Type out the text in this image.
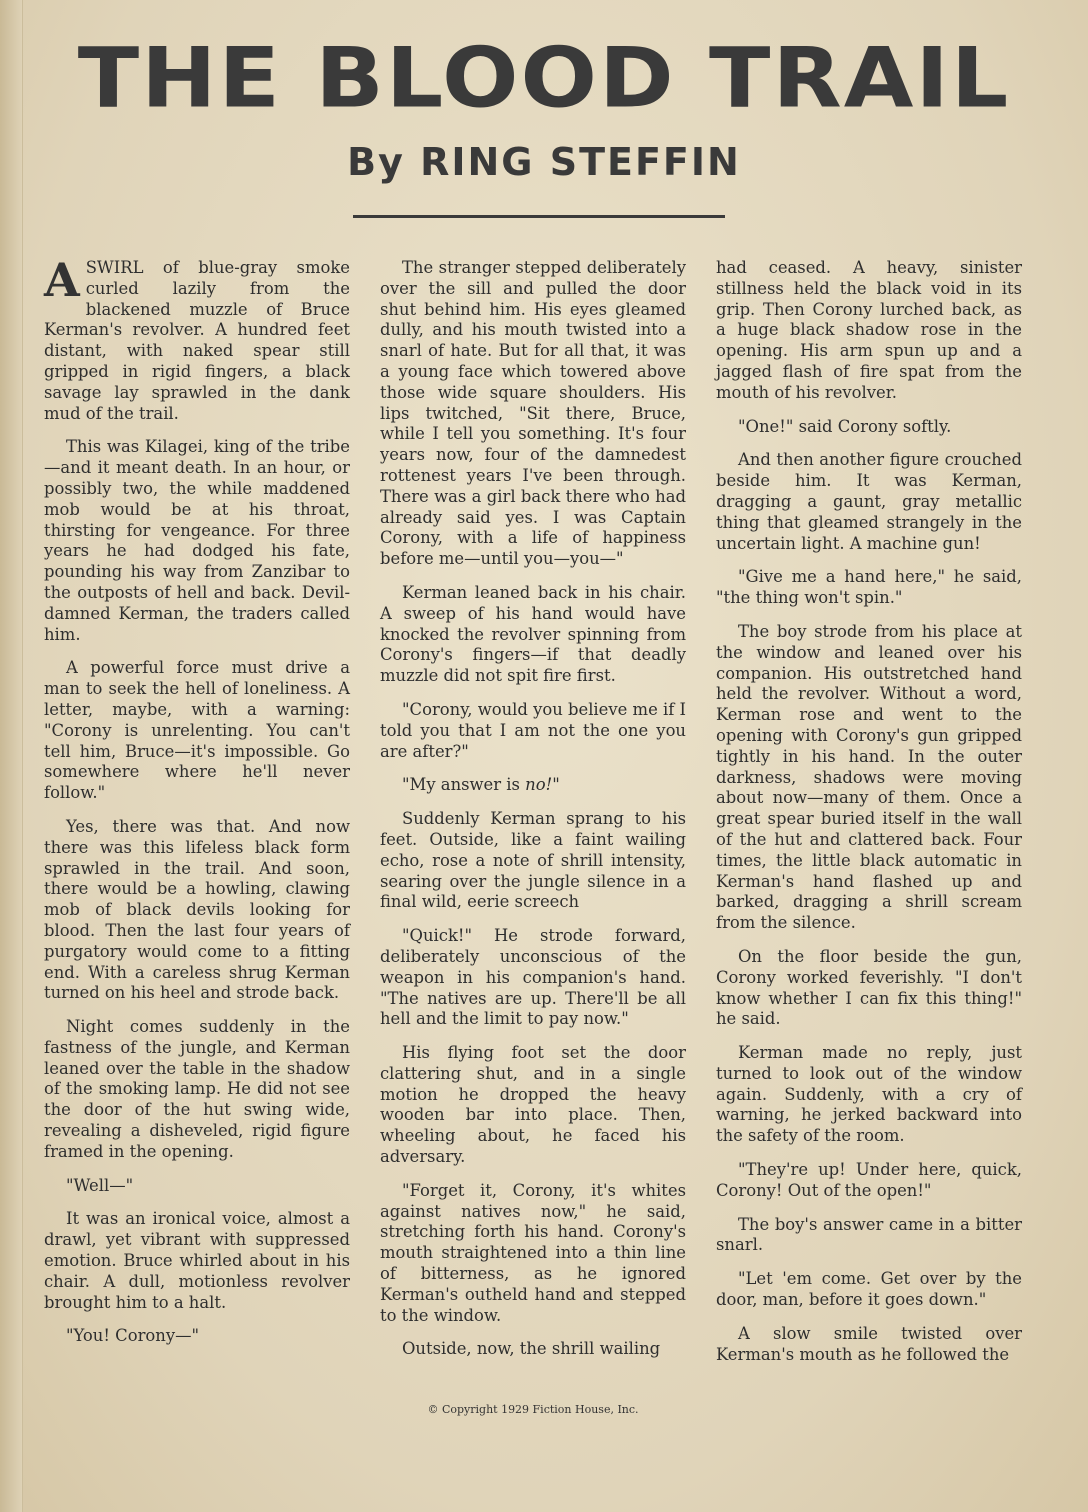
THE BLOOD TRAIL
By RING STEFFIN

ASWIRL of blue-gray smoke curled lazily from the blackened muzzle of Bruce Kerman's revolver. A hundred feet distant, with naked spear still gripped in rigid fingers, a black savage lay sprawled in the dank mud of the trail.

This was Kilagei, king of the tribe—and it meant death. In an hour, or possibly two, the while maddened mob would be at his throat, thirsting for vengeance. For three years he had dodged his fate, pounding his way from Zanzibar to the outposts of hell and back. Devil-damned Kerman, the traders called him.

A powerful force must drive a man to seek the hell of loneliness. A letter, maybe, with a warning: "Corony is unrelenting. You can't tell him, Bruce—it's impossible. Go somewhere where he'll never follow."

Yes, there was that. And now there was this lifeless black form sprawled in the trail. And soon, there would be a howling, clawing mob of black devils looking for blood. Then the last four years of purgatory would come to a fitting end. With a careless shrug Kerman turned on his heel and strode back.

Night comes suddenly in the fastness of the jungle, and Kerman leaned over the table in the shadow of the smoking lamp. He did not see the door of the hut swing wide, revealing a disheveled, rigid figure framed in the opening.

"Well—"

It was an ironical voice, almost a drawl, yet vibrant with suppressed emotion. Bruce whirled about in his chair. A dull, motionless revolver brought him to a halt.

"You! Corony—"

The stranger stepped deliberately over the sill and pulled the door shut behind him. His eyes gleamed dully, and his mouth twisted into a snarl of hate. But for all that, it was a young face which towered above those wide square shoulders. His lips twitched, "Sit there, Bruce, while I tell you something. It's four years now, four of the damnedest rottenest years I've been through. There was a girl back there who had already said yes. I was Captain Corony, with a life of happiness before me—until you—you—"

Kerman leaned back in his chair. A sweep of his hand would have knocked the revolver spinning from Corony's fingers—if that deadly muzzle did not spit fire first.

"Corony, would you believe me if I told you that I am not the one you are after?"

"My answer is no!"

Suddenly Kerman sprang to his feet. Outside, like a faint wailing echo, rose a note of shrill intensity, searing over the jungle silence in a final wild, eerie screech

"Quick!" He strode forward, deliberately unconscious of the weapon in his companion's hand. "The natives are up. There'll be all hell and the limit to pay now."

His flying foot set the door clattering shut, and in a single motion he dropped the heavy wooden bar into place. Then, wheeling about, he faced his adversary.

"Forget it, Corony, it's whites against natives now," he said, stretching forth his hand. Corony's mouth straightened into a thin line of bitterness, as he ignored Kerman's outheld hand and stepped to the window.

Outside, now, the shrill wailing

had ceased. A heavy, sinister stillness held the black void in its grip. Then Corony lurched back, as a huge black shadow rose in the opening. His arm spun up and a jagged flash of fire spat from the mouth of his revolver.

"One!" said Corony softly.

And then another figure crouched beside him. It was Kerman, dragging a gaunt, gray metallic thing that gleamed strangely in the uncertain light. A machine gun!

"Give me a hand here," he said, "the thing won't spin."

The boy strode from his place at the window and leaned over his companion. His outstretched hand held the revolver. Without a word, Kerman rose and went to the opening with Corony's gun gripped tightly in his hand. In the outer darkness, shadows were moving about now—many of them. Once a great spear buried itself in the wall of the hut and clattered back. Four times, the little black automatic in Kerman's hand flashed up and barked, dragging a shrill scream from the silence.

On the floor beside the gun, Corony worked feverishly. "I don't know whether I can fix this thing!" he said.

Kerman made no reply, just turned to look out of the window again. Suddenly, with a cry of warning, he jerked backward into the safety of the room.

"They're up! Under here, quick, Corony! Out of the open!"

The boy's answer came in a bitter snarl.

"Let 'em come. Get over by the door, man, before it goes down."

A slow smile twisted over Kerman's mouth as he followed the

© Copyright 1929 Fiction House, Inc.
